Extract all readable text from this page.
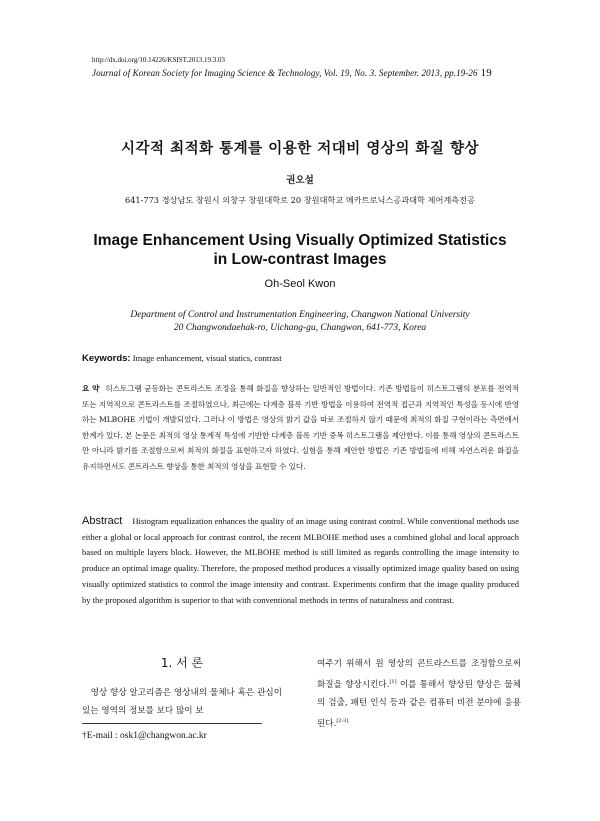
http://dx.doi.org/10.14226/KSIST.2013.19.3.03
Journal of Korean Society for Imaging Science & Technology, Vol. 19, No. 3. September. 2013, pp.19-26 19
시각적 최적화 통계를 이용한 저대비 영상의 화질 향상
권오설
641-773 경상남도 창원시 의창구 창원대학로 20 창원대학교 메카트로닉스공과대학 제어계측전공
Image Enhancement Using Visually Optimized Statistics
in Low-contrast Images
Oh-Seol Kwon
Department of Control and Instrumentation Engineering, Changwon National University
20 Changwondaehak-ro, Uichang-gu, Changwon, 641-773, Korea
Keywords: Image enhancement, visual statics, contrast
요 약 히스토그램 균등화는 콘트라스트 조정을 통해 화질을 향상하는 일반적인 방법이다. 기존 방법들이 히스토그램의 분포를 전역적 또는 지역적으로 콘트라스트를 조절하였으나, 최근에는 다계층 블록 기반 방법을 이용하여 전역적 접근과 지역적인 특성을 동시에 반영하는 MLBOHE 기법이 개발되었다. 그러나 이 방법은 영상의 밝기 값을 따로 조절하지 않기 때문에 최적의 화질 구현이라는 측면에서 한계가 있다. 본 논문은 최적의 영상 통계적 특성에 기반한 다계층 블록 기반 중복 히스토그램을 제안한다. 이를 통해 영상의 콘트라스트만 아니라 밝기를 조절함으로써 최적의 화질을 표현하고자 하였다. 실험을 통해 제안한 방법은 기존 방법들에 비해 자연스러운 화질을 유지하면서도 콘트라스트 향상을 통한 최적의 영상을 표현할 수 있다.
Abstract Histogram equalization enhances the quality of an image using contrast control. While conventional methods use either a global or local approach for contrast control, the recent MLBOHE method uses a combined global and local approach based on multiple layers block. However, the MLBOHE method is still limited as regards controlling the image intensity to produce an optimal image quality. Therefore, the proposed method produces a visually optimized image quality based on using visually optimized statistics to control the image intensity and contrast. Experiments confirm that the image quality produced by the proposed algorithm is superior to that with conventional methods in terms of naturalness and contrast.
1. 서 론
 영상 향상 알고리즘은 영상내의 물체나 혹은 관심이 있는 영역의 정보를 보다 많이 보
여주기 위해서 원 영상의 콘트라스트를 조정함으로써 화질을 향상시킨다.[1] 이를 통해서 향상된 향상은 물체의 검출, 패턴 인식 등과 같은 컴퓨터 비전 분야에 응용된다.[2-3]
†E-mail : osk1@changwon.ac.kr
